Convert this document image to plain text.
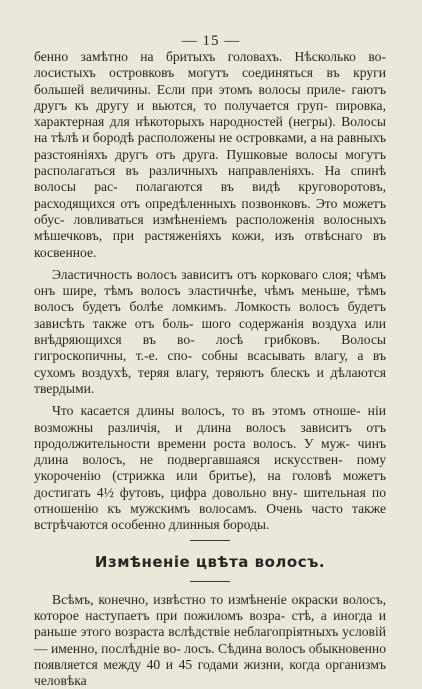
— 15 —

бенно замѣтно на бритыхъ головахъ. Нѣсколько во- лосистыхъ островковъ могутъ соединяться въ круги большей величины. Если при этомъ волосы приле- гаютъ другъ къ другу и вьются, то получается груп- пировка, характерная для нѣкоторыхъ народностей (негры). Волосы на тѣлѣ и бородѣ расположены не островками, а на равныхъ разстояніяхъ другъ отъ друга. Пушковые волосы могутъ располагаться въ различныхъ направленіяхъ. На спинѣ волосы рас- полагаются въ видѣ круговоротовъ, расходящихся отъ опредѣленныхъ позвонковъ. Это можетъ обус- ловливаться измѣненіемъ расположенія волосныхъ мѣшечковъ, при растяженіяхъ кожи, изъ отвѣснаго въ косвенное.

Эластичность волосъ зависитъ отъ корковаго слоя; чѣмъ онъ шире, тѣмъ волосъ эластичнѣе, чѣмъ меньше, тѣмъ волосъ будетъ болѣе ломкимъ. Ломкость волосъ будетъ зависѣть также отъ боль- шого содержанія воздуха или внѣдряющихся въ во- лосѣ грибковъ. Волосы гигроскопичны, т.-е. спо- собны всасывать влагу, а въ сухомъ воздухѣ, теряя влагу, теряютъ блескъ и дѣлаются твердыми.

Что касается длины волосъ, то въ этомъ отноше- ніи возможны различія, и длина волосъ зависитъ отъ продолжительности времени роста волосъ. У муж- чинъ длина волосъ, не подвергавшаяся искусствен- пому укороченію (стрижка или бритье), на головѣ можетъ достигать 4½ футовъ, цифра довольно вну- шительная по отношенію къ мужскимъ волосамъ. Очень часто также встрѣчаются особенно длинныя бороды.

Измѣненіе цвѣта волосъ.

Всѣмъ, конечно, извѣстно то измѣненіе окраски волосъ, которое наступаетъ при пожиломъ возра- стѣ, а иногда и раньше этого возраста вслѣдствіе неблагопріятныхъ условій — именно, послѣдніе во- лосъ. Сѣдина волосъ обыкновенно появляется между 40 и 45 годами жизни, когда организмъ человѣка
